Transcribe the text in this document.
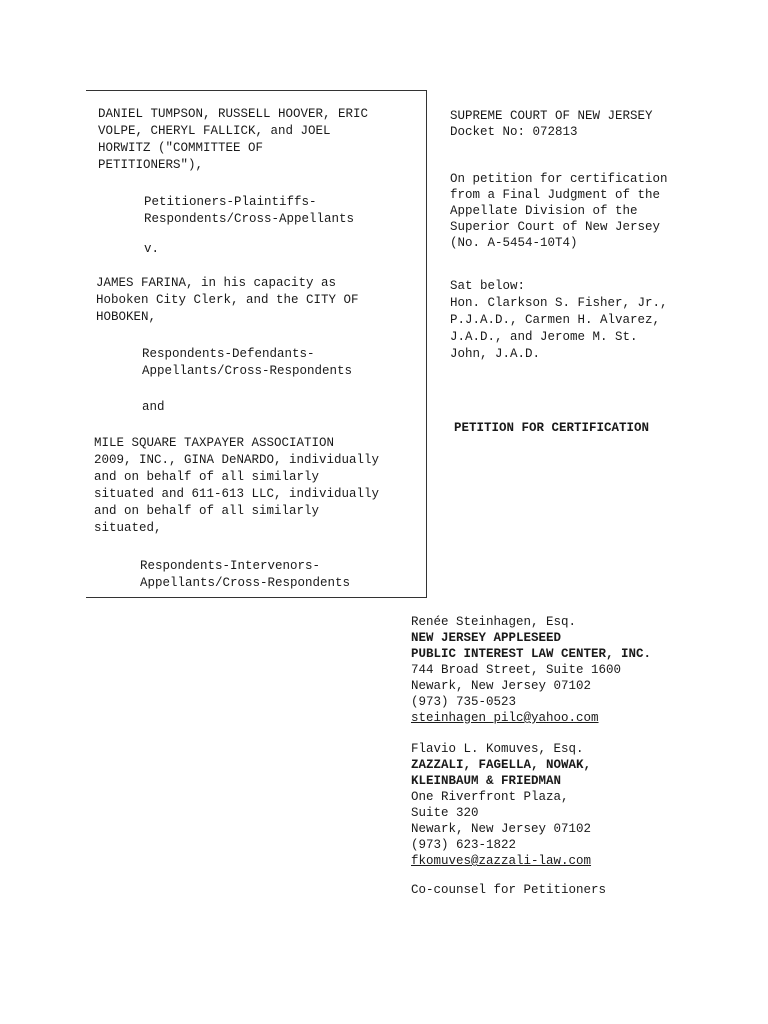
DANIEL TUMPSON, RUSSELL HOOVER, ERIC
VOLPE, CHERYL FALLICK, and JOEL
HORWITZ ("COMMITTEE OF
PETITIONERS"),
Petitioners-Plaintiffs-
Respondents/Cross-Appellants
v.
JAMES FARINA, in his capacity as
Hoboken City Clerk, and the CITY OF
HOBOKEN,
Respondents-Defendants-
Appellants/Cross-Respondents
and
MILE SQUARE TAXPAYER ASSOCIATION
2009, INC., GINA DeNARDO, individually
and on behalf of all similarly
situated and 611-613 LLC, individually
and on behalf of all similarly
situated,
Respondents-Intervenors-
Appellants/Cross-Respondents
SUPREME COURT OF NEW JERSEY
Docket No: 072813
On petition for certification
from a Final Judgment of the
Appellate Division of the
Superior Court of New Jersey
(No. A-5454-10T4)
Sat below:
Hon. Clarkson S. Fisher, Jr.,
P.J.A.D., Carmen H. Alvarez,
J.A.D., and Jerome M. St.
John, J.A.D.
PETITION FOR CERTIFICATION
Renée Steinhagen, Esq.
NEW JERSEY APPLESEED
PUBLIC INTEREST LAW CENTER, INC.
744 Broad Street, Suite 1600
Newark, New Jersey 07102
(973) 735-0523
steinhagen pilc@yahoo.com
Flavio L. Komuves, Esq.
ZAZZALI, FAGELLA, NOWAK,
KLEINBAUM & FRIEDMAN
One Riverfront Plaza,
Suite 320
Newark, New Jersey 07102
(973) 623-1822
fkomuves@zazzali-law.com
Co-counsel for Petitioners
